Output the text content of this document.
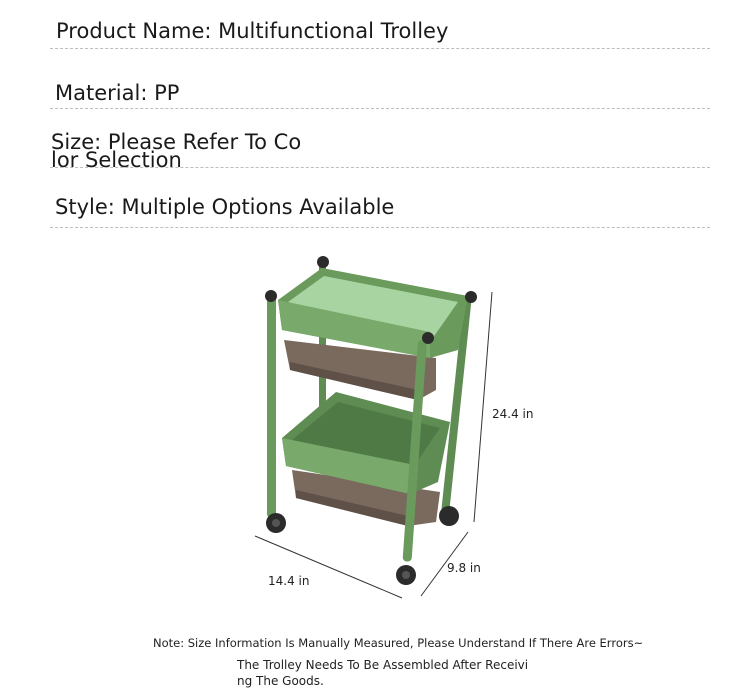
Product Name: Multifunctional Trolley
Material: PP
Size: Please Refer To Co
lor Selection
Style: Multiple Options Available
24.4 in
14.4 in
9.8 in
Note: Size Information Is Manually Measured, Please Understand If There Are Errors~
The Trolley Needs To Be Assembled After Receivi
ng The Goods.
